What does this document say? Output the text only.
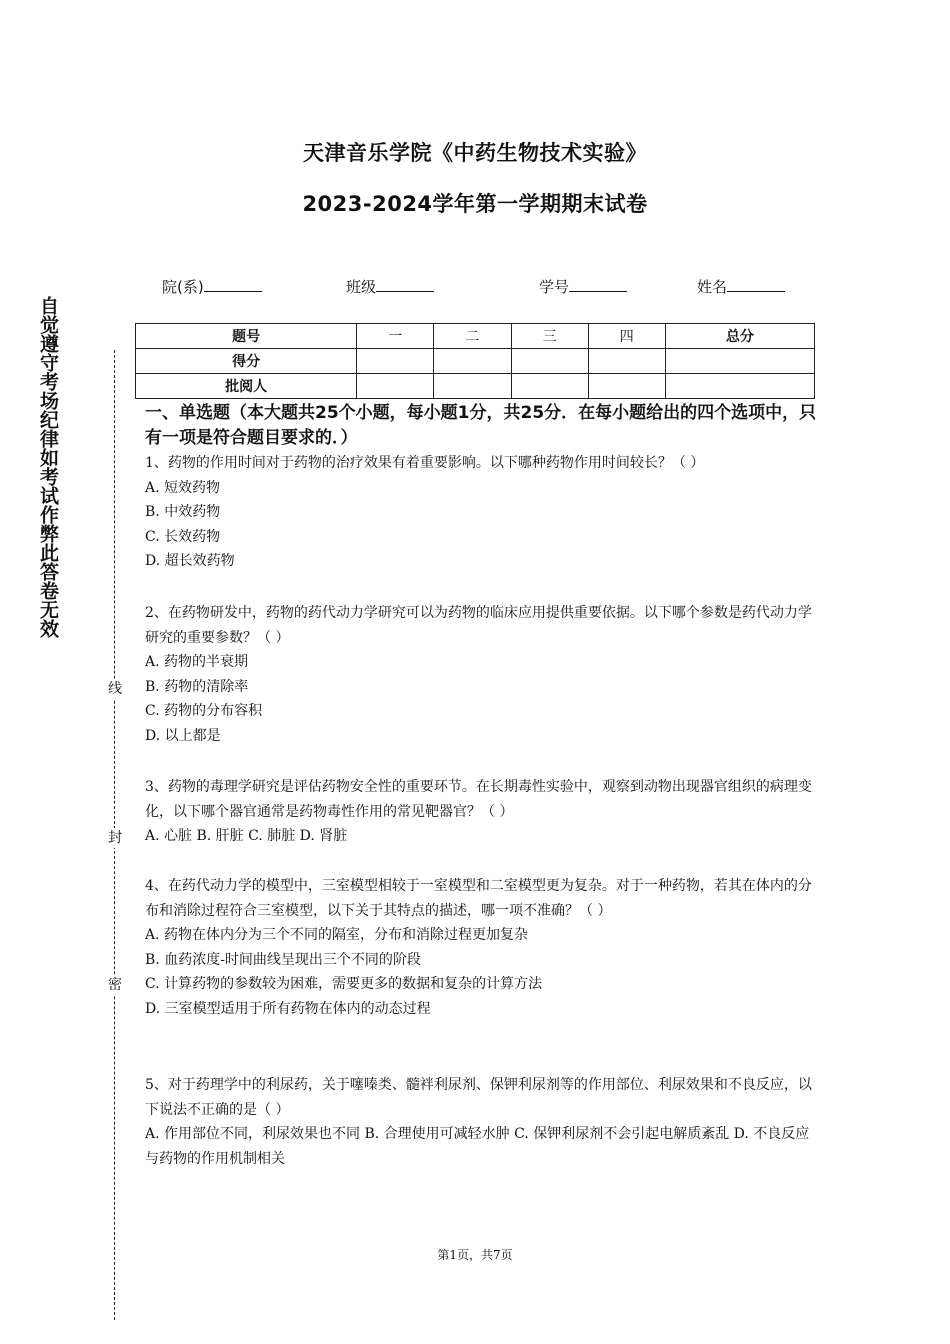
天津音乐学院《中药生物技术实验》
2023-2024学年第一学期期末试卷
自觉遵守考场纪律如考试作弊此答卷无效
线
封
密
院(系)	班级	学号	姓名
题号	一	二	三	四	总分
得分					
批阅人					
一、单选题（本大题共25个小题，每小题1分，共25分．在每小题给出的四个选项中，只有一项是符合题目要求的．）

1、药物的作用时间对于药物的治疗效果有着重要影响。以下哪种药物作用时间较长？（ ）

A. 短效药物

B. 中效药物

C. 长效药物

D. 超长效药物

2、在药物研发中，药物的药代动力学研究可以为药物的临床应用提供重要依据。以下哪个参数是药代动力学研究的重要参数？（ ）

A. 药物的半衰期

B. 药物的清除率

C. 药物的分布容积

D. 以上都是

3、药物的毒理学研究是评估药物安全性的重要环节。在长期毒性实验中，观察到动物出现器官组织的病理变化，以下哪个器官通常是药物毒性作用的常见靶器官？（ ）

A. 心脏 B. 肝脏 C. 肺脏 D. 肾脏

4、在药代动力学的模型中，三室模型相较于一室模型和二室模型更为复杂。对于一种药物，若其在体内的分布和消除过程符合三室模型，以下关于其特点的描述，哪一项不准确？（ ）

A. 药物在体内分为三个不同的隔室，分布和消除过程更加复杂

B. 血药浓度-时间曲线呈现出三个不同的阶段

C. 计算药物的参数较为困难，需要更多的数据和复杂的计算方法

D. 三室模型适用于所有药物在体内的动态过程

5、对于药理学中的利尿药，关于噻嗪类、髓袢利尿剂、保钾利尿剂等的作用部位、利尿效果和不良反应，以下说法不正确的是（ ）

A. 作用部位不同，利尿效果也不同 B. 合理使用可减轻水肿 C. 保钾利尿剂不会引起电解质紊乱 D. 不良反应与药物的作用机制相关

第1页，共7页
